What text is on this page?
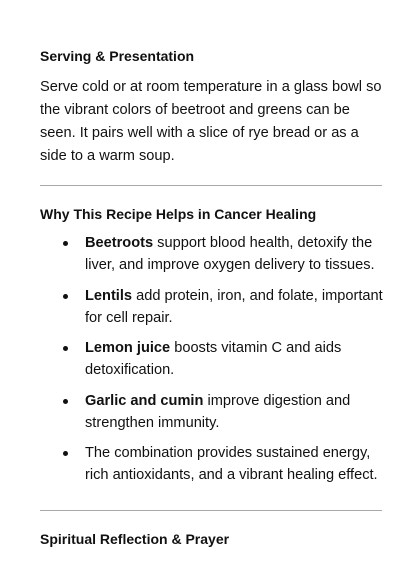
Serving & Presentation

Serve cold or at room temperature in a glass bowl so the vibrant colors of beetroot and greens can be seen. It pairs well with a slice of rye bread or as a side to a warm soup.

Why This Recipe Helps in Cancer Healing
Beetroots support blood health, detoxify the liver, and improve oxygen delivery to tissues.
Lentils add protein, iron, and folate, important for cell repair.
Lemon juice boosts vitamin C and aids detoxification.
Garlic and cumin improve digestion and strengthen immunity.
The combination provides sustained energy, rich antioxidants, and a vibrant healing effect.
Spiritual Reflection & Prayer
